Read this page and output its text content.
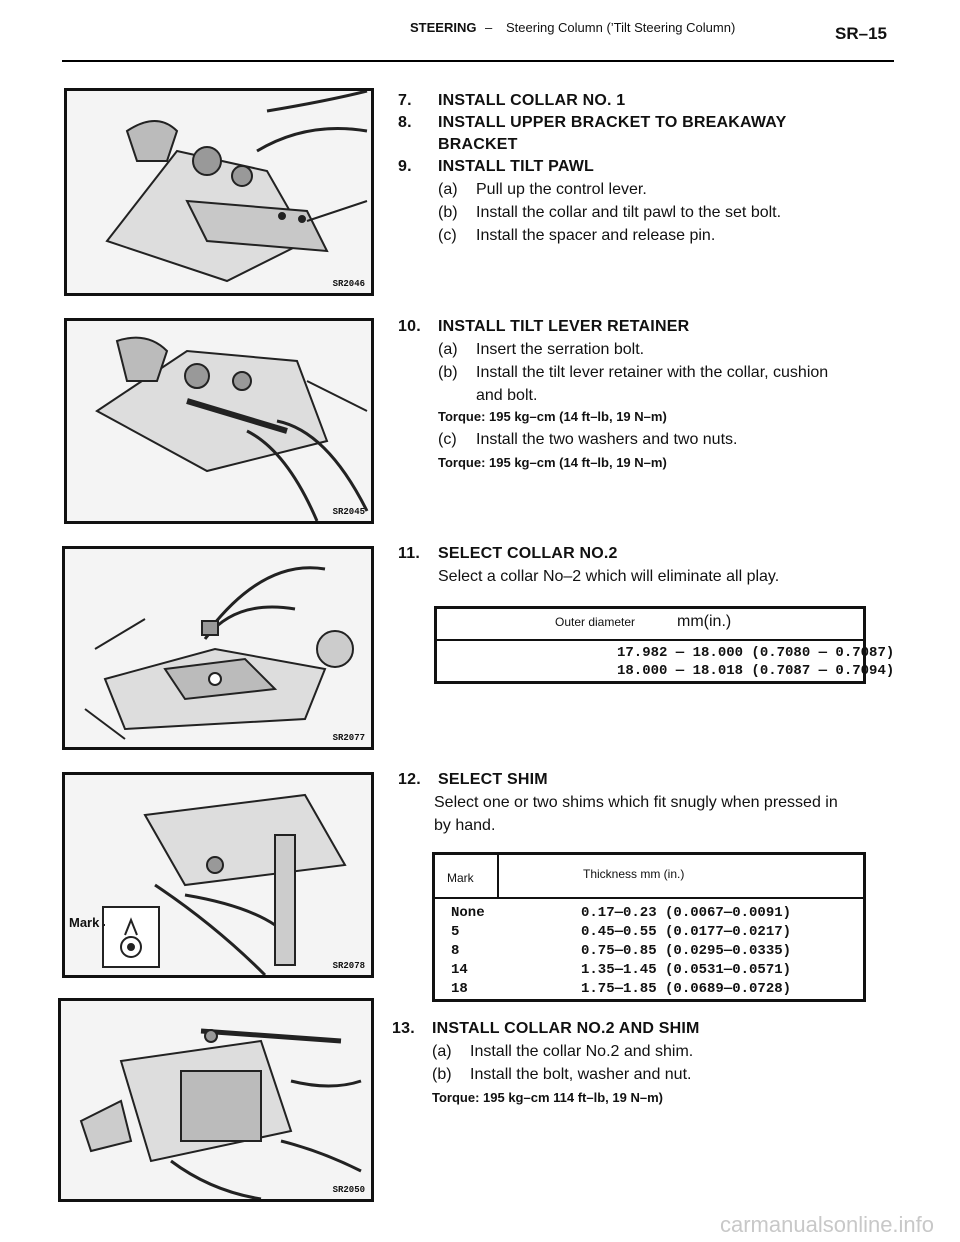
STEERING – Steering Column (’Tilt Steering Column)	SR–15
SR2046
7. INSTALL COLLAR NO. 1
8. INSTALL UPPER BRACKET TO BREAKAWAY
BRACKET
9. INSTALL TILT PAWL
(a) Pull up the control lever.
(b) Install the collar and tilt pawl to the set bolt.
(c) Install the spacer and release pin.
SR2045
10. INSTALL TILT LEVER RETAINER
(a) Insert the serration bolt.
(b) Install the tilt lever retainer with the collar, cushion
and bolt.
Torque: 195 kg–cm (14 ft–lb, 19 N–m)
(c) Install the two washers and two nuts.
Torque: 195 kg–cm (14 ft–lb, 19 N–m)
SR2077
11. SELECT COLLAR NO.2
Select a collar No–2 which will eliminate all play.
Outer diameter	mm(in.)
17.982 — 18.000 (0.7080 — 0.7087)
18.000 — 18.018 (0.7087 — 0.7094)
Mark
SR2078
12. SELECT SHIM
Select one or two shims which fit snugly when pressed in
by hand.
Mark	Thickness mm (in.)
None	0.17—0.23 (0.0067—0.0091)
5	0.45—0.55 (0.0177—0.0217)
8	0.75—0.85 (0.0295—0.0335)
14	1.35—1.45 (0.0531—0.0571)
18	1.75—1.85 (0.0689—0.0728)
SR2050
13. INSTALL COLLAR NO.2 AND SHIM
(a) Install the collar No.2 and shim.
(b) Install the bolt, washer and nut.
Torque: 195 kg–cm 114 ft–lb, 19 N–m)
carmanualsonline.info
